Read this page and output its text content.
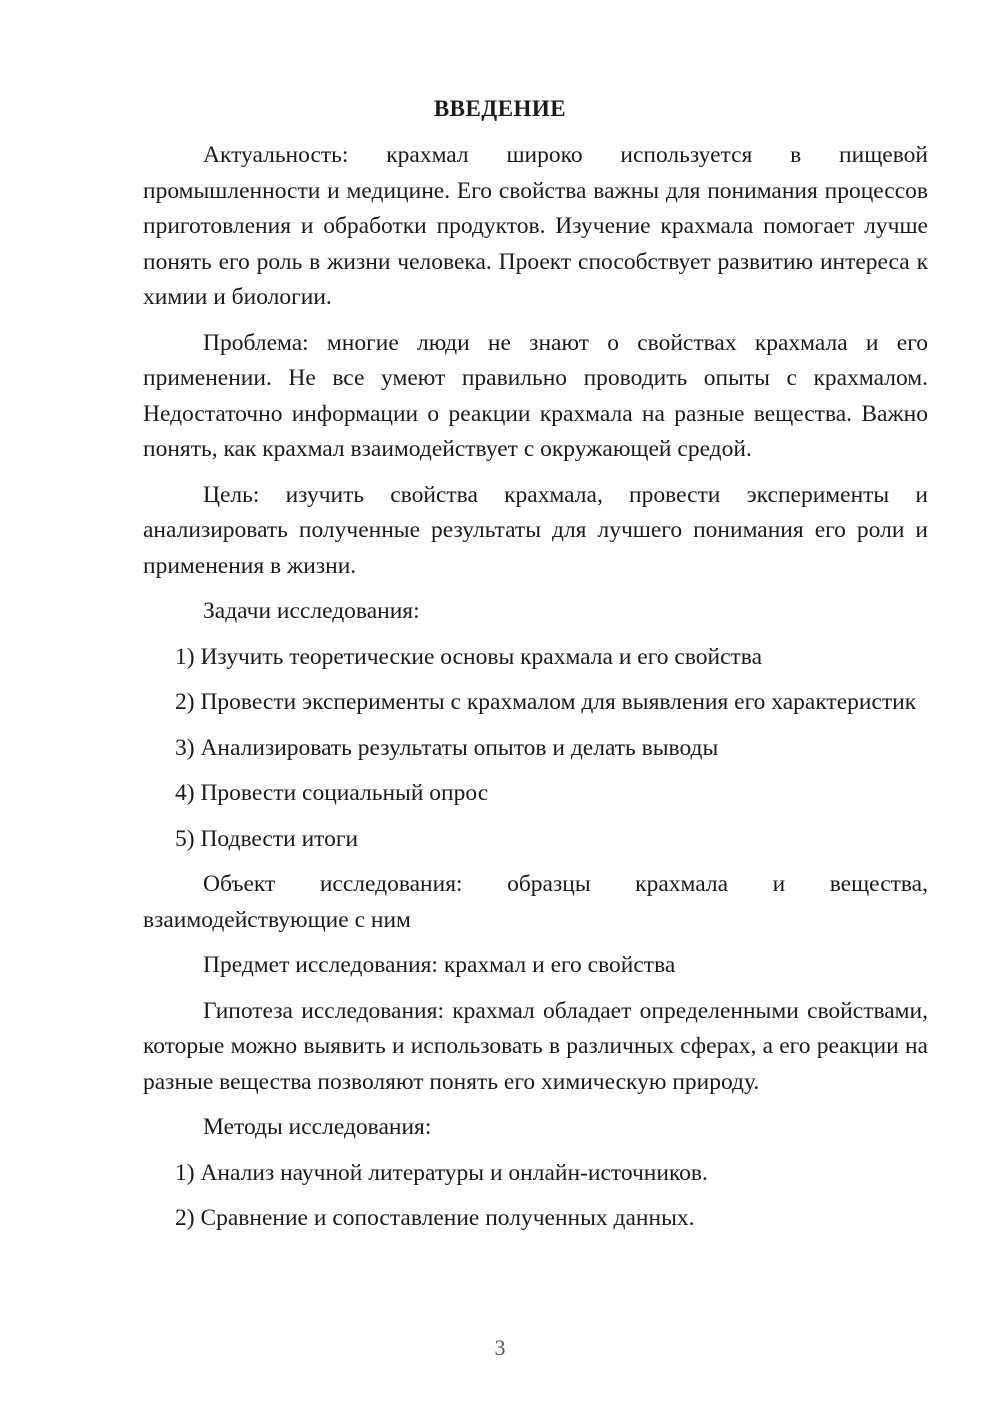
ВВЕДЕНИЕ

Актуальность: крахмал широко используется в пищевой промышленности и медицине. Его свойства важны для понимания процессов приготовления и обработки продуктов. Изучение крахмала помогает лучше понять его роль в жизни человека. Проект способствует развитию интереса к химии и биологии.

Проблема: многие люди не знают о свойствах крахмала и его применении. Не все умеют правильно проводить опыты с крахмалом. Недостаточно информации о реакции крахмала на разные вещества. Важно понять, как крахмал взаимодействует с окружающей средой.

Цель: изучить свойства крахмала, провести эксперименты и анализировать полученные результаты для лучшего понимания его роли и применения в жизни.

Задачи исследования:

1) Изучить теоретические основы крахмала и его свойства

2) Провести эксперименты с крахмалом для выявления его характеристик

3) Анализировать результаты опытов и делать выводы

4) Провести социальный опрос

5) Подвести итоги

Объект исследования: образцы крахмала и вещества, взаимодействующие с ним

Предмет исследования: крахмал и его свойства

Гипотеза исследования: крахмал обладает определенными свойствами, которые можно выявить и использовать в различных сферах, а его реакции на разные вещества позволяют понять его химическую природу.

Методы исследования:

1) Анализ научной литературы и онлайн-источников.

2) Сравнение и сопоставление полученных данных.

3
